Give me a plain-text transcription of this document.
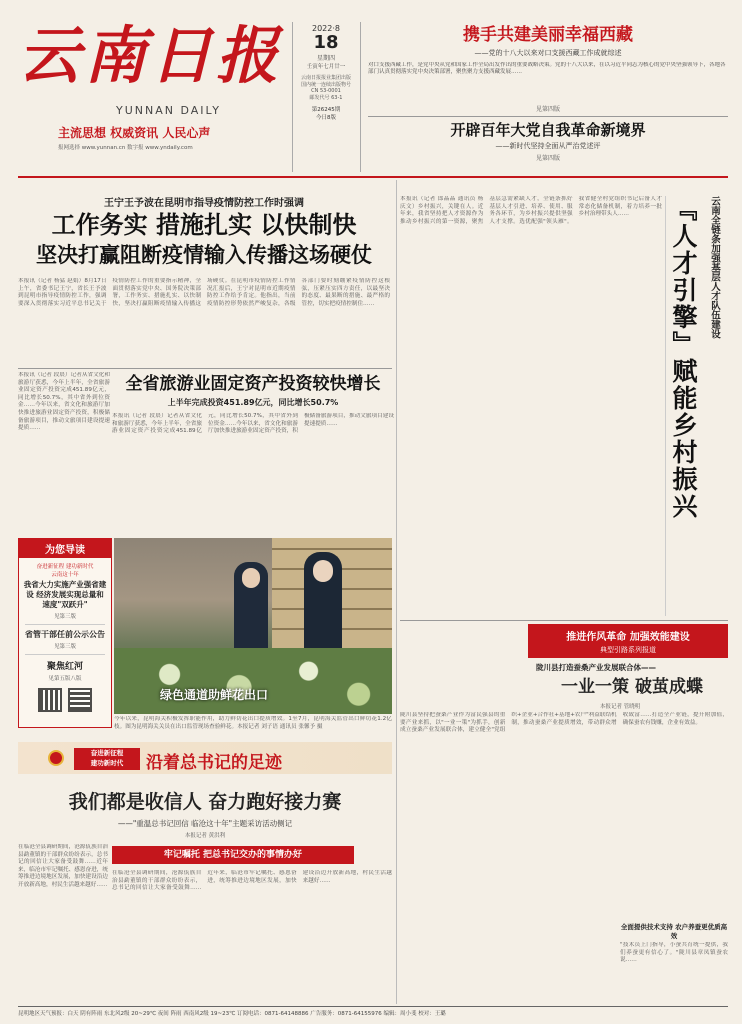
云南日报
YUNNAN DAILY
主流思想 权威资讯 人民心声
报网选择 www.yunnan.cn 数字报 www.yndaily.com
2022·8
18
星期四
壬寅年七月廿一
云南日报报业集团出版
国内统一连续出版物号
CN 53-0001
邮发代号 63-1
第26245期
今日8版
携手共建美丽幸福西藏
——党的十八大以来对口支援西藏工作成就综述
对口支援西藏工作，是党中央从党和国家工作全局出发作出的重要战略决策。党的十八大以来，在以习近平同志为核心的党中央坚强领导下，各地各部门认真贯彻落实党中央决策部署，聚焦聚力支援西藏发展……
见第四版
开辟百年大党自我革命新境界
——新时代坚持全面从严治党述评
见第四版
王宁王予波在昆明市指导疫情防控工作时强调
工作务实 措施扎实 以快制快
坚决打赢阻断疫情输入传播这场硬仗
本报讯（记者 杨猛 赵娟）8月17日上午，省委书记王宁，省长王予波到昆明市指导疫情防控工作，强调要深入贯彻落实习近平总书记关于疫情防控工作的重要指示精神，全面贯彻落实党中央、国务院决策部署，工作务实、措施扎实、以快制快，坚决打赢阻断疫情输入传播这场硬仗。在昆明市疫情防控工作情况汇报后，王宁对昆明市近期疫情防控工作给予肯定。他指出，当前疫情防控形势依然严峻复杂，各级各部门要时刻绷紧疫情防控这根弦，压紧压实四方责任，以最坚决的态度、最果断的措施、最严格的管控，切实把疫情控制住……
本报讯（记者 段晨）记者从省文化和旅游厅获悉，今年上半年，全省旅游业固定资产投资完成451.89亿元，同比增长50.7%，其中省外到位资金……今年以来，省文化和旅游厅加快推进旅游业固定资产投资，积极储备旅游项目，推动文旅项目建设提速提质……
全省旅游业固定资产投资较快增长
上半年完成投资451.89亿元，同比增长50.7%
本报讯（记者 段晨）记者从省文化和旅游厅获悉，今年上半年，全省旅游业固定资产投资完成451.89亿元，同比增长50.7%，其中省外到位资金……今年以来，省文化和旅游厅加快推进旅游业固定资产投资，积极储备旅游项目，推动文旅项目建设提速提质……
为您导读
奋进新征程 建功新时代
云南这十年
我省大力实施产业强省建设 经济发展实现总量和速度"双跃升"
见第三版
省管干部任前公示公告
见第三版
聚焦红河
见第五版八版
绿色通道助鲜花出口
今年以来，昆明海关积极发挥职能作用，助力鲜切花出口提质增效。1至7月，昆明海关监管出口鲜切花1.2亿枝。图为昆明海关关员在出口监管现场查验鲜花。本报记者 刘子语 通讯员 张馨予 摄
云南全链条加强基层人才队伍建设
『人才引擎』赋能乡村振兴
本报讯（记者 郎晶晶 通讯员 杨庆文）乡村振兴，关键在人。近年来，我省坚持把人才资源作为推动乡村振兴的第一资源，聚焦基层急需紧缺人才，全链条抓好基层人才引进、培养、使用、服务各环节，为乡村振兴提供坚强人才支撑。选优配强"领头雁"。我省健全村党组织书记后备人才常态化储备机制，着力培养一批乡村治理带头人……
推进作风革命 加强效能建设
典型引路系列报道
陇川县打造蚕桑产业发展联合体——
一业一策 破茧成蝶
本报记者 管晓明
陇川县坚持把蚕桑产业作为富民强县的重要产业来抓，以"一业一策"为抓手，创新成立蚕桑产业发展联合体，建立健全"党组织+企业+合作社+基地+农户"利益联结机制，推动蚕桑产业提质增效，带动群众增收致富……打造全产业链，提升附加值，确保蚕农有钱赚，企业有效益。
全面提供技术支持 农户养蚕更优质高效
"技术员上门指导，小蚕共育统一提供，我们养蚕更有信心了。"陇川县章凤镇蚕农说……
奋进新征程
建功新时代	沿着总书记的足迹
我们都是收信人 奋力跑好接力赛
——"重温总书记回信 临沧这十年"主题采访活动侧记
本报记者 黄洪利
牢记嘱托 把总书记交办的事情办好
在临沧全县调研期间，沧源佤族自治县勐董镇的干部群众纷纷表示，总书记的回信让大家备受鼓舞……近年来，临沧市牢记嘱托、感恩奋进，统筹推进边境地区发展，加快建设沿边开放新高地，村民生活越来越好……
在临沧全县调研期间，沧源佤族自治县勐董镇的干部群众纷纷表示，总书记的回信让大家备受鼓舞……近年来，临沧市牢记嘱托、感恩奋进，统筹推进边境地区发展，加快建设沿边开放新高地，村民生活越来越好……
昆明地区天气预报：白天 阴有阵雨 东北风2级 20~29℃ 夜间 阵雨 西南风2级 19~23℃ 订阅电话：0871-64148886 广告服务：0871-64155976 编辑：周小斐 校对：王璐
